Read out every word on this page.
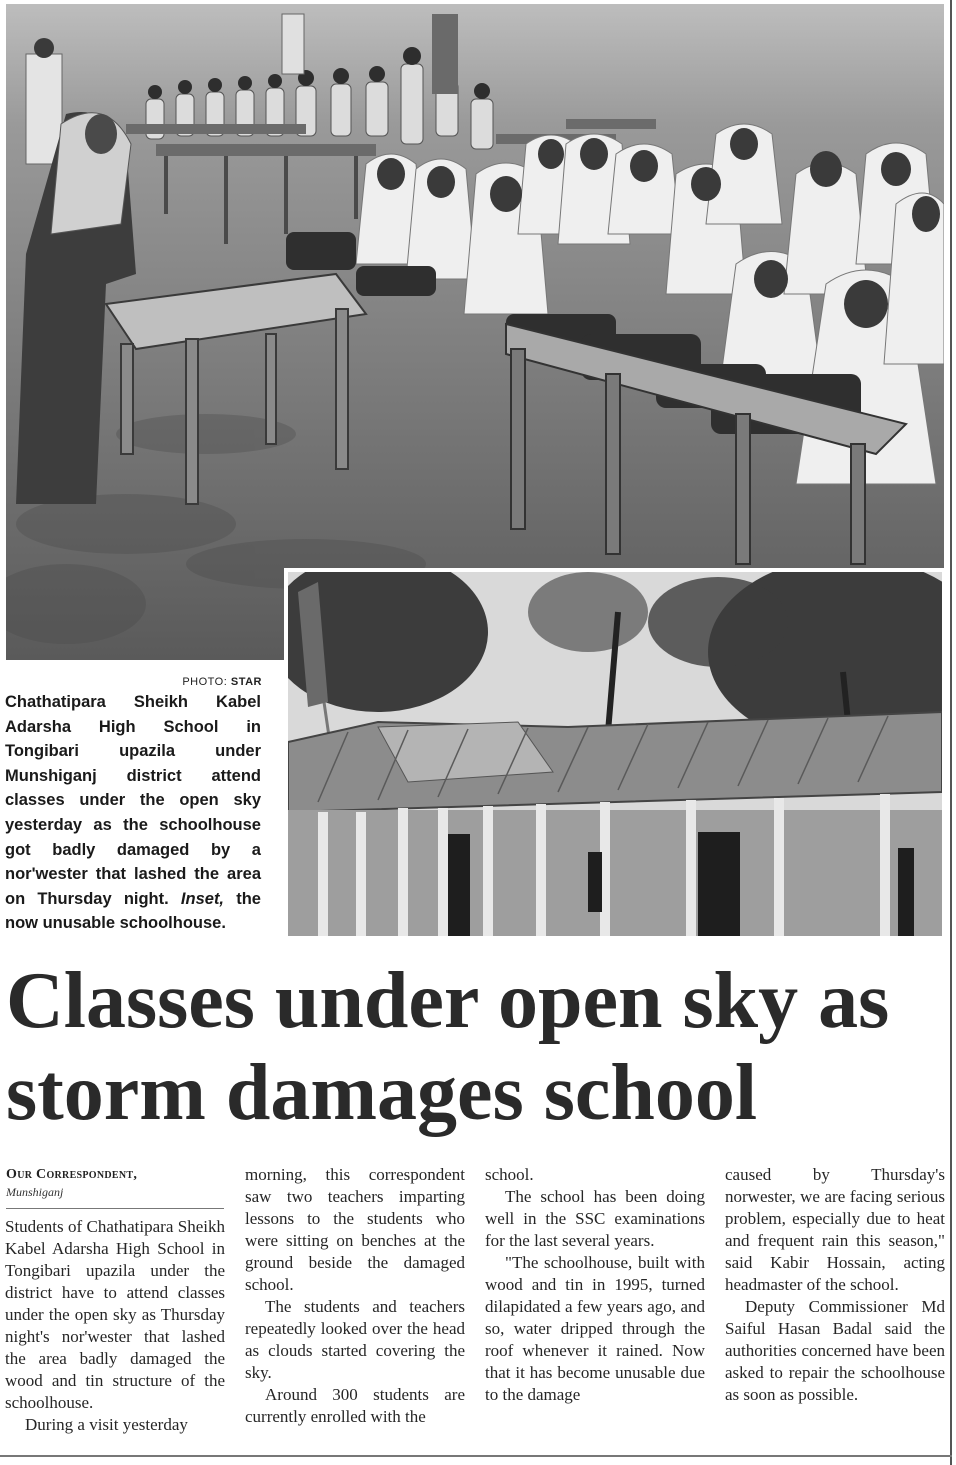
PHOTO: STAR
Chathatipara Sheikh Kabel Adarsha High School in Tongibari upazila under Munshiganj district attend classes under the open sky yesterday as the schoolhouse got badly damaged by a nor'wester that lashed the area on Thursday night. Inset, the now unusable schoolhouse.
Classes under open sky as storm damages school
Our Correspondent,
Munshiganj

Students of Chathatipara Sheikh Kabel Adarsha High School in Tongibari upazila under the district have to attend classes under the open sky as Thursday night's nor'wester that lashed the area badly damaged the wood and tin structure of the schoolhouse.

During a visit yesterday

morning, this correspondent saw two teachers imparting lessons to the students who were sitting on benches at the ground beside the damaged school.

The students and teachers repeatedly looked over the head as clouds started covering the sky.

Around 300 students are currently enrolled with the

school.

The school has been doing well in the SSC examinations for the last several years.

"The schoolhouse, built with wood and tin in 1995, turned dilapidated a few years ago, and so, water dripped through the roof whenever it rained. Now that it has become unusable due to the damage

caused by Thursday's norwester, we are facing serious problem, especially due to heat and frequent rain this season," said Kabir Hossain, acting headmaster of the school.

Deputy Commissioner Md Saiful Hasan Badal said the authorities concerned have been asked to repair the schoolhouse as soon as possible.
